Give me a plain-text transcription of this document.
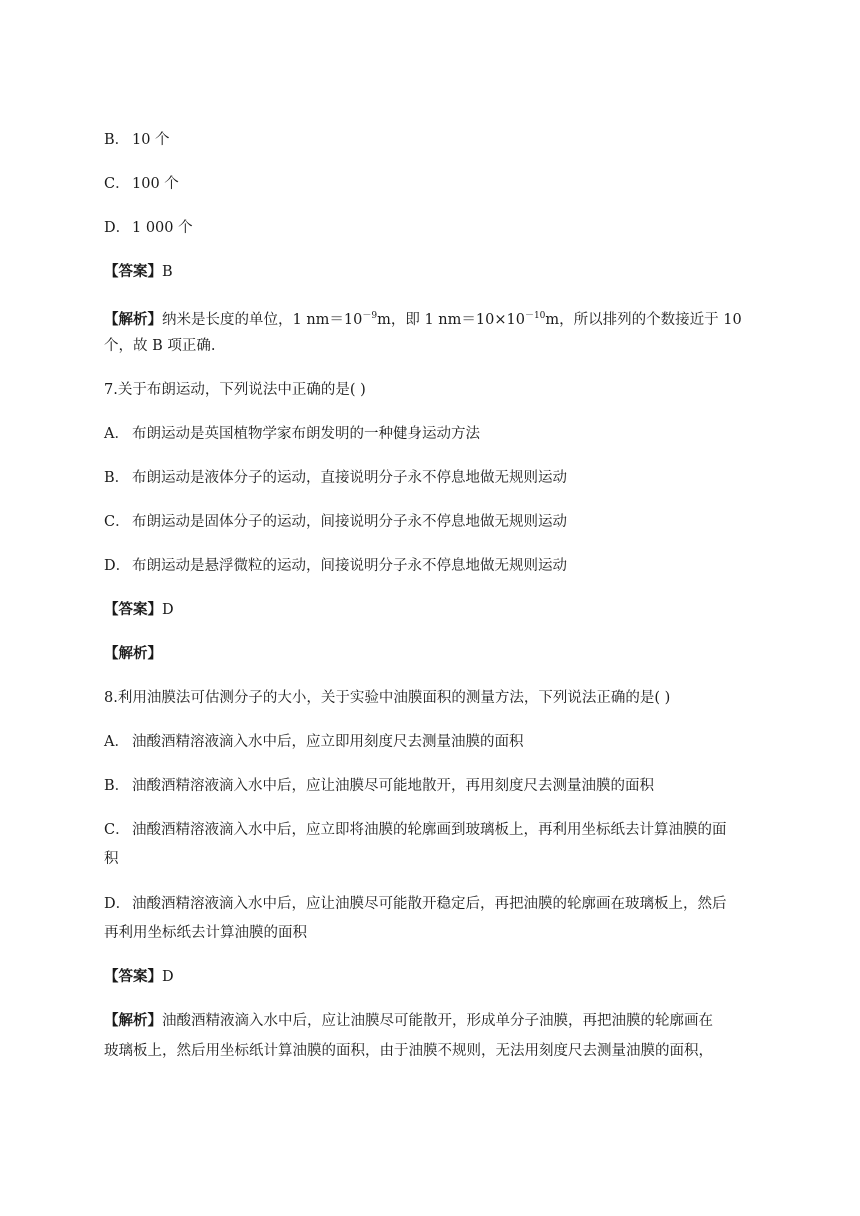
B． 10 个
C． 100 个
D． 1 000 个
【答案】B
【解析】纳米是长度的单位，1 $nm=10^{-9}m$，即 1 $nm=10\times 10^{-10}m$，所以排列的个数接近于 10
个，故 B 项正确.
7.关于布朗运动，下列说法中正确的是( )
A． 布朗运动是英国植物学家布朗发明的一种健身运动方法
B． 布朗运动是液体分子的运动，直接说明分子永不停息地做无规则运动
C． 布朗运动是固体分子的运动，间接说明分子永不停息地做无规则运动
D． 布朗运动是悬浮微粒的运动，间接说明分子永不停息地做无规则运动
【答案】D
【解析】
8.利用油膜法可估测分子的大小，关于实验中油膜面积的测量方法，下列说法正确的是( )
A． 油酸酒精溶液滴入水中后，应立即用刻度尺去测量油膜的面积
B． 油酸酒精溶液滴入水中后，应让油膜尽可能地散开，再用刻度尺去测量油膜的面积
C． 油酸酒精溶液滴入水中后，应立即将油膜的轮廓画到玻璃板上，再利用坐标纸去计算油膜的面
积
D． 油酸酒精溶液滴入水中后，应让油膜尽可能散开稳定后，再把油膜的轮廓画在玻璃板上，然后
再利用坐标纸去计算油膜的面积
【答案】D
【解析】油酸酒精液滴入水中后，应让油膜尽可能散开，形成单分子油膜，再把油膜的轮廓画在
玻璃板上，然后用坐标纸计算油膜的面积，由于油膜不规则，无法用刻度尺去测量油膜的面积，
